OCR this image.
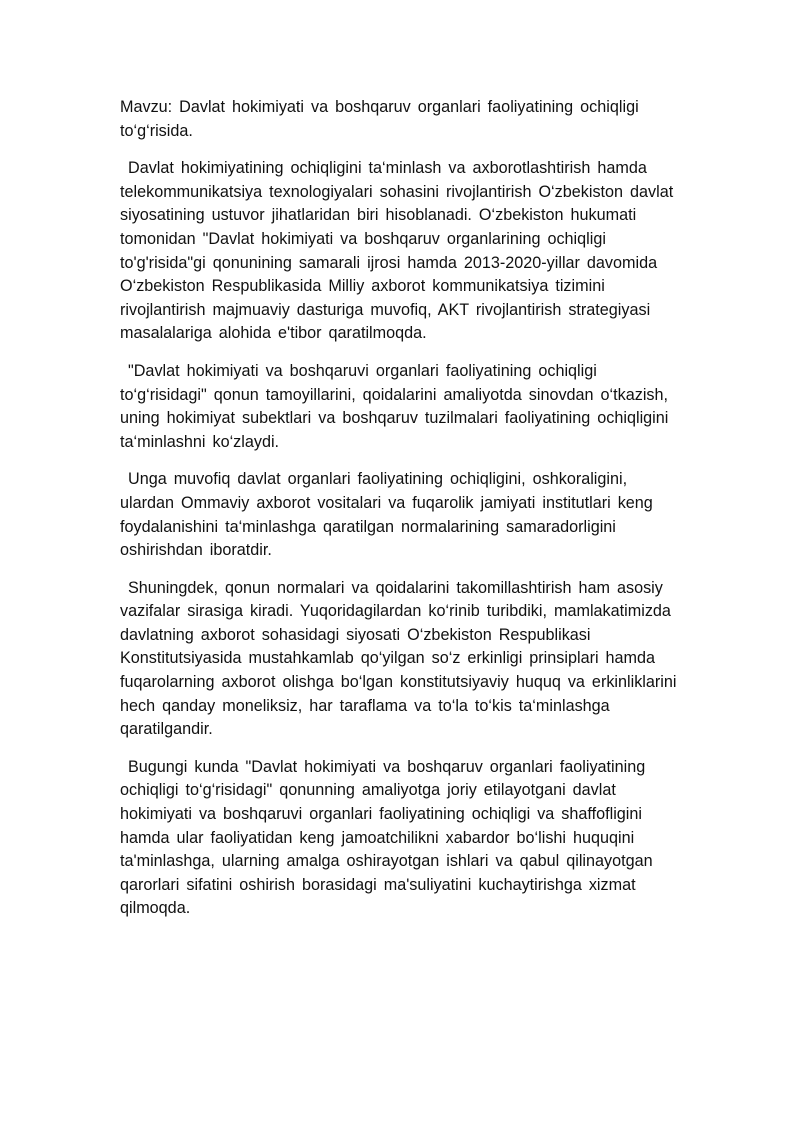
Mavzu: Davlat hokimiyati va boshqaruv organlari faoliyatining ochiqligi to‘g‘risida.

Davlat hokimiyatining ochiqligini ta‘minlash va axborotlashtirish hamda telekommunikatsiya texnologiyalari sohasini rivojlantirish O‘zbekiston davlat siyosatining ustuvor jihatlaridan biri hisoblanadi. O‘zbekiston hukumati tomonidan "Davlat hokimiyati va boshqaruv organlarining ochiqligi to'g'risida"gi qonunining samarali ijrosi hamda 2013-2020-yillar davomida O‘zbekiston Respublikasida Milliy axborot kommunikatsiya tizimini rivojlantirish majmuaviy dasturiga muvofiq, AKT rivojlantirish strategiyasi masalalariga alohida e'tibor qaratilmoqda.

"Davlat hokimiyati va boshqaruvi organlari faoliyatining ochiqligi to‘g‘risidagi" qonun tamoyillarini, qoidalarini amaliyotda sinovdan o‘tkazish, uning hokimiyat subektlari va boshqaruv tuzilmalari faoliyatining ochiqligini ta‘minlashni ko‘zlaydi.

Unga muvofiq davlat organlari faoliyatining ochiqligini, oshkoraligini, ulardan Ommaviy axborot vositalari va fuqarolik jamiyati institutlari keng foydalanishini ta‘minlashga qaratilgan normalarining samaradorligini oshirishdan iboratdir.

Shuningdek, qonun normalari va qoidalarini takomillashtirish ham asosiy vazifalar sirasiga kiradi. Yuqoridagilardan ko‘rinib turibdiki, mamlakatimizda davlatning axborot sohasidagi siyosati O‘zbekiston Respublikasi Konstitutsiyasida mustahkamlab qo‘yilgan so‘z erkinligi prinsiplari hamda fuqarolarning axborot olishga bo‘lgan konstitutsiyaviy huquq va erkinliklarini hech qanday moneliksiz, har taraflama va to‘la to‘kis ta‘minlashga qaratilgandir.

Bugungi kunda "Davlat hokimiyati va boshqaruv organlari faoliyatining ochiqligi to‘g‘risidagi" qonunning amaliyotga joriy etilayotgani davlat hokimiyati va boshqaruvi organlari faoliyatining ochiqligi va shaffofligini hamda ular faoliyatidan keng jamoatchilikni xabardor bo‘lishi huquqini ta'minlashga, ularning amalga oshirayotgan ishlari va qabul qilinayotgan qarorlari sifatini oshirish borasidagi ma'suliyatini kuchaytirishga xizmat qilmoqda.
